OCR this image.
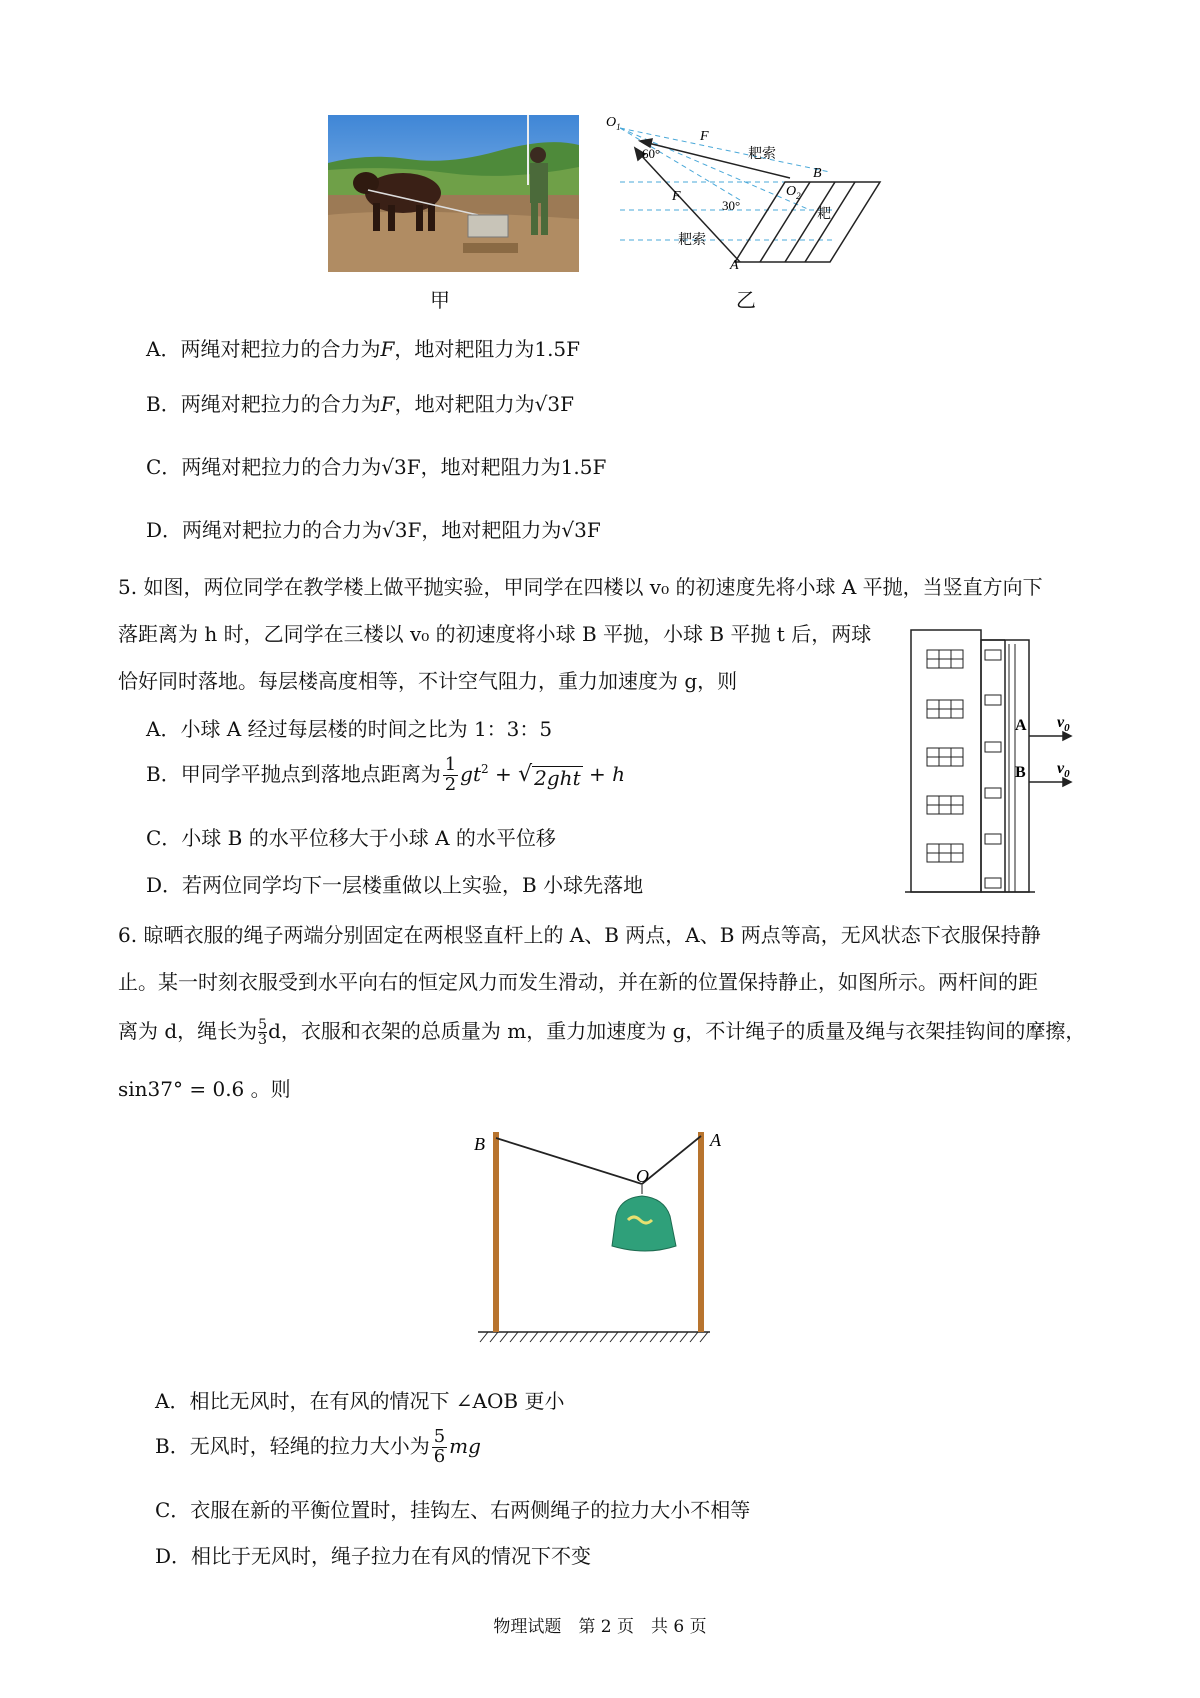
甲
$O_1$
60°
F
F
耙索
耙索
30°
$O_2$
B
A
耙
乙
A．两绳对耙拉力的合力为F，地对耙阻力为1.5F
B．两绳对耙拉力的合力为F，地对耙阻力为√3F
C．两绳对耙拉力的合力为√3F，地对耙阻力为1.5F
D．两绳对耙拉力的合力为√3F，地对耙阻力为√3F
5. 如图，两位同学在教学楼上做平抛实验，甲同学在四楼以 v₀ 的初速度先将小球 A 平抛，当竖直方向下
落距离为 h 时，乙同学在三楼以 v₀ 的初速度将小球 B 平抛，小球 B 平抛 t 后，两球
恰好同时落地。每层楼高度相等，不计空气阻力，重力加速度为 g，则
A．小球 A 经过每层楼的时间之比为 1：3：5
B．甲同学平抛点到落地点距离为 $\frac{1}{2} gt^2$ + √ 2ght + h
C．小球 B 的水平位移大于小球 A 的水平位移
D．若两位同学均下一层楼重做以上实验，B 小球先落地
A
B
$v_0$
$v_0$
6. 晾晒衣服的绳子两端分别固定在两根竖直杆上的 A、B 两点，A、B 两点等高，无风状态下衣服保持静
止。某一时刻衣服受到水平向右的恒定风力而发生滑动，并在新的位置保持静止，如图所示。两杆间的距
离为 d，绳长为 $\frac{5}{3}d$，衣服和衣架的总质量为 m，重力加速度为 g，不计绳子的质量及绳与衣架挂钩间的摩擦，
sin37° = 0.6 。则
B	A
O
A．相比无风时，在有风的情况下 ∠AOB 更小
B．无风时，轻绳的拉力大小为 $\frac{5}{6}$ mg
C．衣服在新的平衡位置时，挂钩左、右两侧绳子的拉力大小不相等
D．相比于无风时，绳子拉力在有风的情况下不变
物理试题　第 2 页　共 6 页
